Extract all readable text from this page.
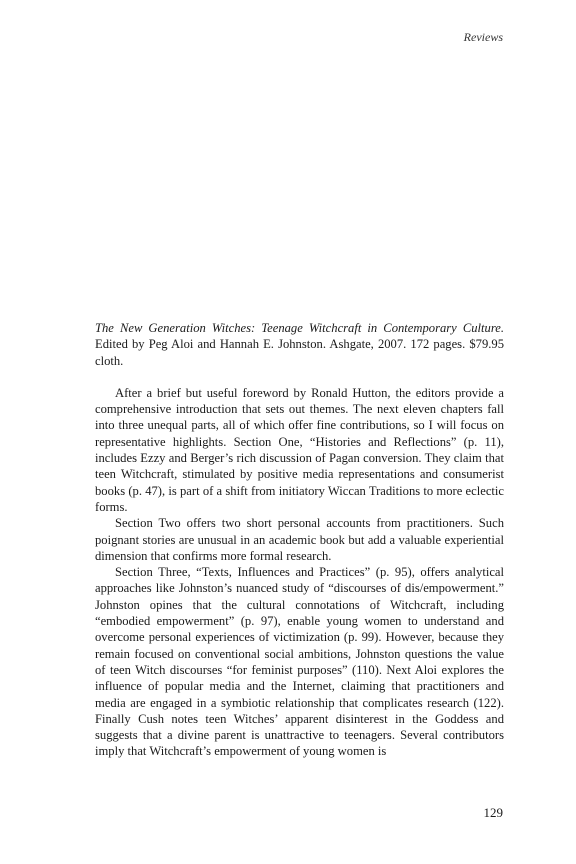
Reviews

The New Generation Witches: Teenage Witchcraft in Contemporary Culture. Edited by Peg Aloi and Hannah E. Johnston. Ashgate, 2007. 172 pages. $79.95 cloth.

After a brief but useful foreword by Ronald Hutton, the editors provide a comprehensive introduction that sets out themes. The next eleven chapters fall into three unequal parts, all of which offer fine contributions, so I will focus on representative highlights. Section One, “Histories and Reflections” (p. 11), includes Ezzy and Berger’s rich discussion of Pagan conversion. They claim that teen Witchcraft, stimulated by positive media representations and consumerist books (p. 47), is part of a shift from initiatory Wiccan Traditions to more eclectic forms.

Section Two offers two short personal accounts from practitioners. Such poignant stories are unusual in an academic book but add a valuable experiential dimension that confirms more formal research.

Section Three, “Texts, Influences and Practices” (p. 95), offers analytical approaches like Johnston’s nuanced study of “discourses of dis/empowerment.” Johnston opines that the cultural connotations of Witchcraft, including “embodied empowerment” (p. 97), enable young women to understand and overcome personal experiences of victimization (p. 99). However, because they remain focused on conventional social ambitions, Johnston questions the value of teen Witch discourses “for feminist purposes” (110). Next Aloi explores the influence of popular media and the Internet, claiming that practitioners and media are engaged in a symbiotic relationship that complicates research (122). Finally Cush notes teen Witches’ apparent disinterest in the Goddess and suggests that a divine parent is unattractive to teenagers. Several contributors imply that Witchcraft’s empowerment of young women is

129
